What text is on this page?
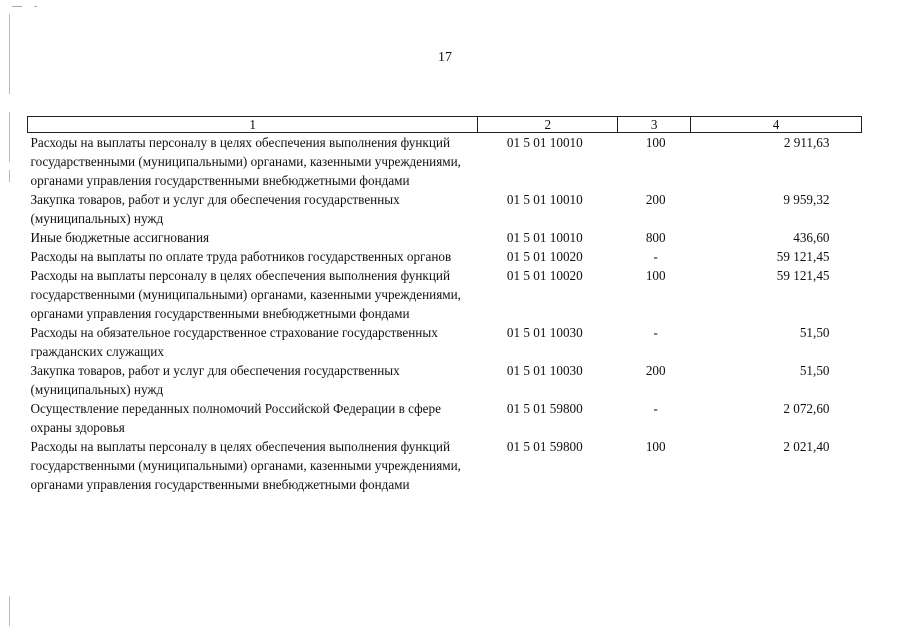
17
1	2	3	4
Расходы на выплаты персоналу в целях обеспечения выполнения функций государственными (муниципальными) органами, казенными учреждениями, органами управления государственными внебюджетными фондами	01 5 01 10010	100	2 911,63
Закупка товаров, работ и услуг для обеспечения государственных (муниципальных) нужд	01 5 01 10010	200	9 959,32
Иные бюджетные ассигнования	01 5 01 10010	800	436,60
Расходы на выплаты по оплате труда работников государственных органов	01 5 01 10020	-	59 121,45
Расходы на выплаты персоналу в целях обеспечения выполнения функций государственными (муниципальными) органами, казенными учреждениями, органами управления государственными внебюджетными фондами	01 5 01 10020	100	59 121,45
Расходы на обязательное государственное страхование государственных гражданских служащих	01 5 01 10030	-	51,50
Закупка товаров, работ и услуг для обеспечения государственных (муниципальных) нужд	01 5 01 10030	200	51,50
Осуществление переданных полномочий Российской Федерации в сфере охраны здоровья	01 5 01 59800	-	2 072,60
Расходы на выплаты персоналу в целях обеспечения выполнения функций государственными (муниципальными) органами, казенными учреждениями, органами управления государственными внебюджетными фондами	01 5 01 59800	100	2 021,40
